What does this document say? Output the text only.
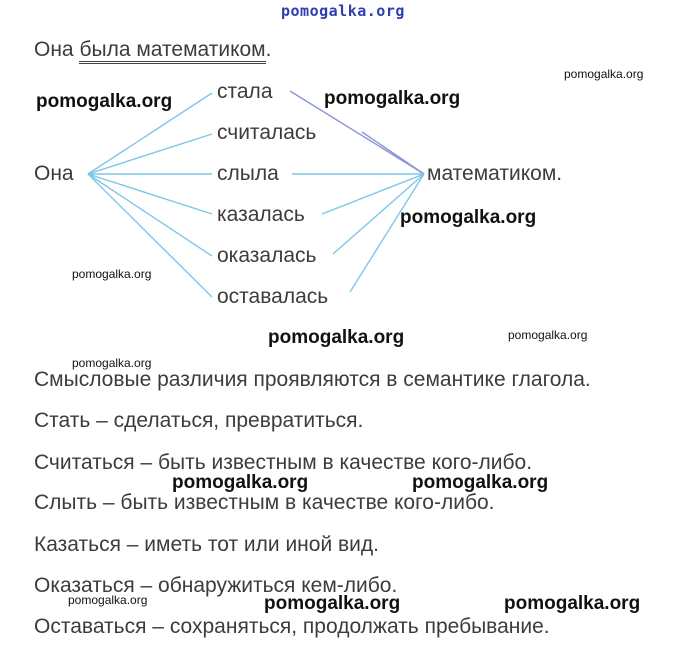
pomogalka.org
Она была математиком.
Она	математиком.
стала
считалась
слыла
казалась
оказалась
оставалась
Смысловые различия проявляются в семантике глагола.
Стать – сделаться, превратиться.
Считаться – быть известным в качестве кого-либо.
Слыть – быть известным в качестве кого-либо.
Казаться – иметь тот или иной вид.
Оказаться – обнаружиться кем-либо.
Оставаться – сохраняться, продолжать пребывание.
pomogalka.org
pomogalka.org	pomogalka.org
pomogalka.org
pomogalka.org
pomogalka.org	pomogalka.org
pomogalka.org
pomogalka.org	pomogalka.org
pomogalka.org	pomogalka.org	pomogalka.org
